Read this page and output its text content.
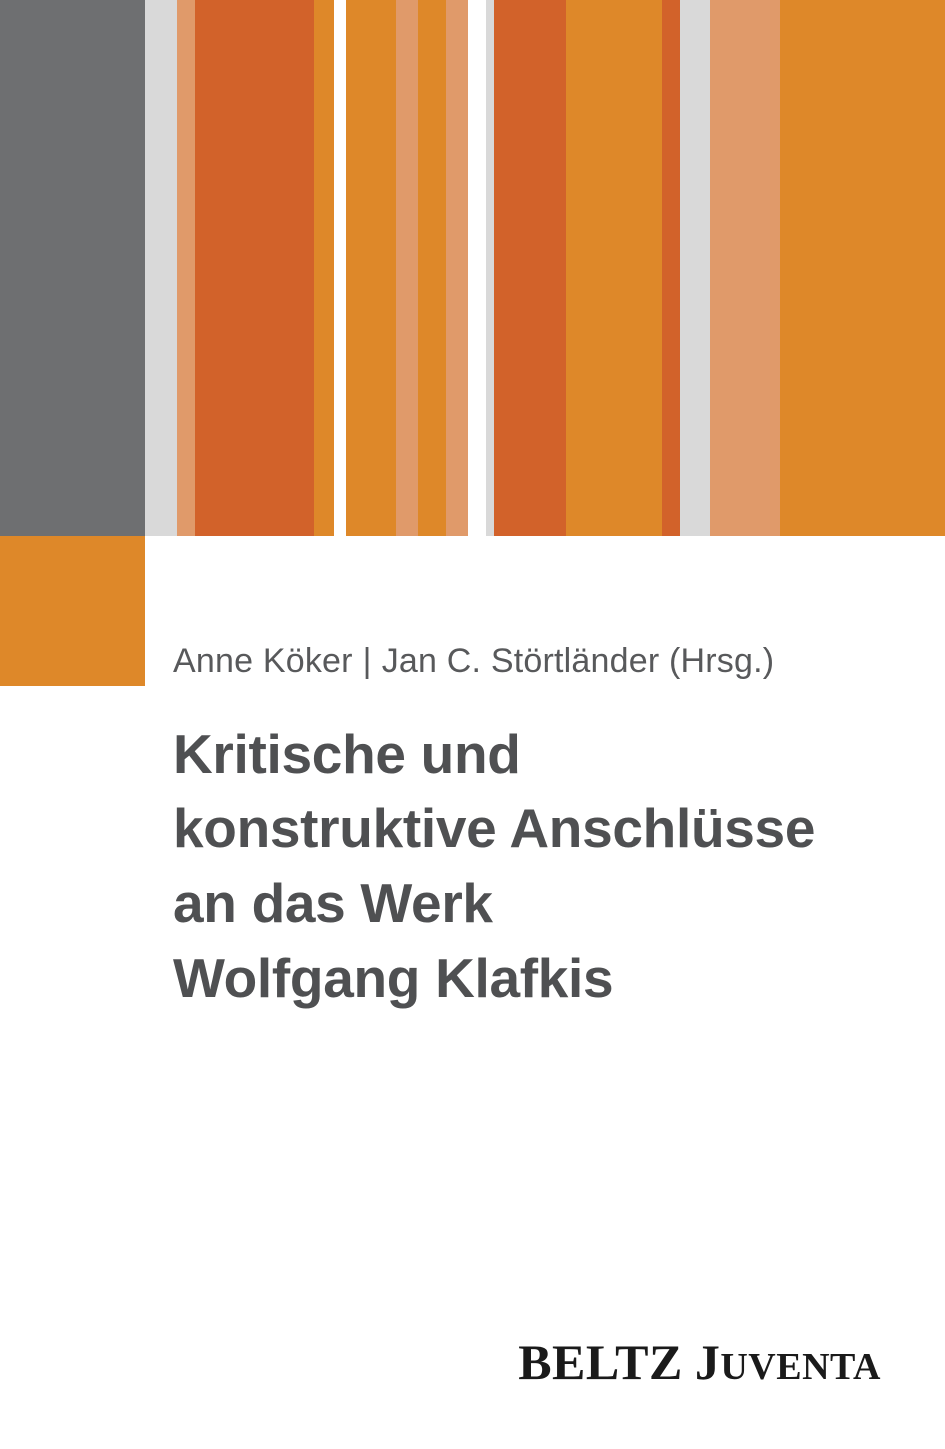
Anne Köker | Jan C. Störtländer (Hrsg.)
Kritische und
konstruktive Anschlüsse
an das Werk
Wolfgang Klafkis
BELTZ JUVENTA
